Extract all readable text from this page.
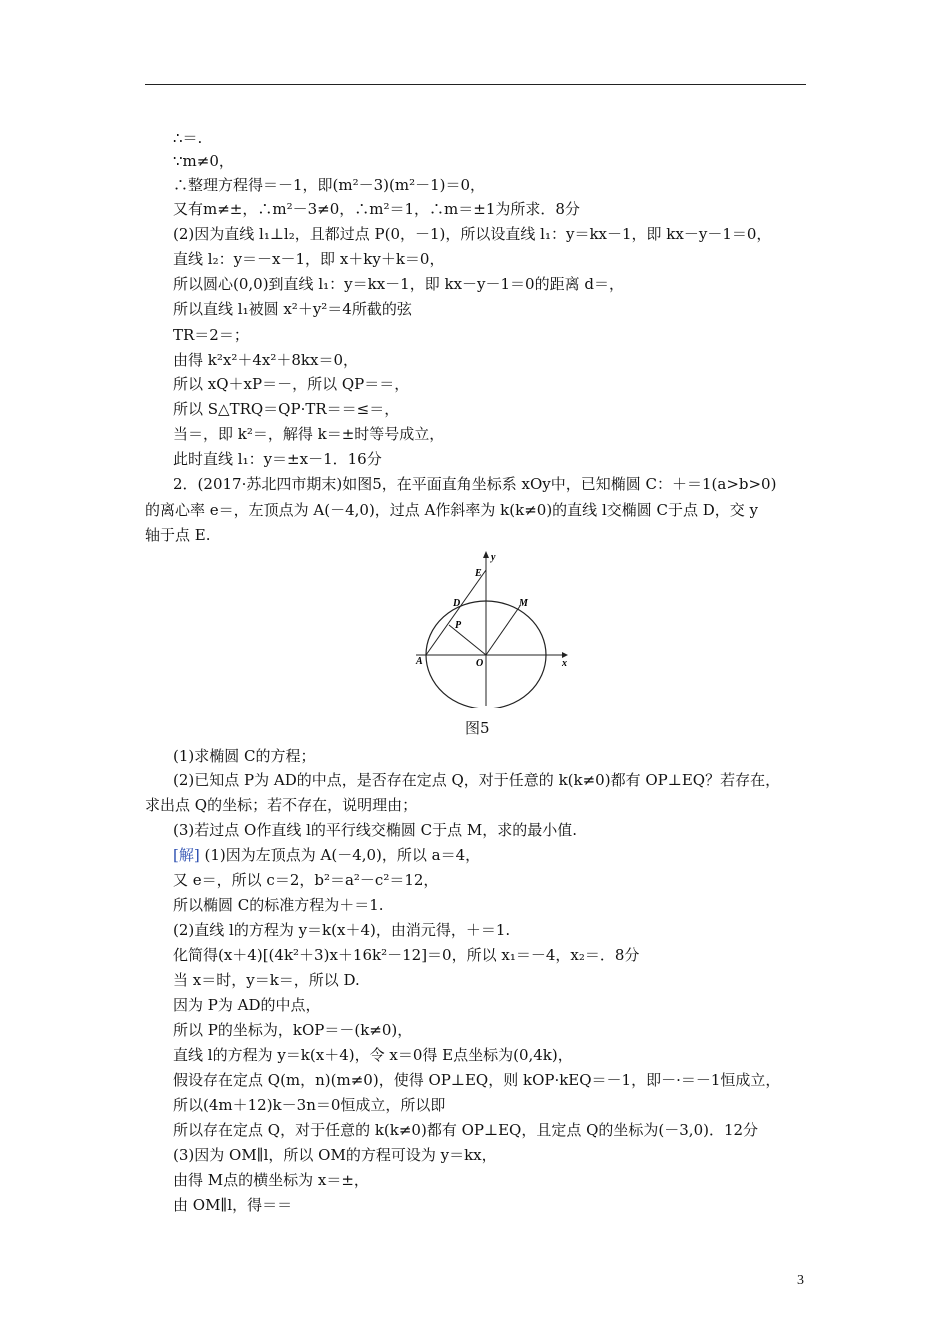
∴＝.
∵m≠0，
∴整理方程得＝－1，即(m²－3)(m²－1)＝0，
又有m≠±，∴m²－3≠0，∴m²＝1，∴m＝±1为所求．8分
(2)因为直线 l₁⊥l₂，且都过点 P(0，－1)，所以设直线 l₁：y＝kx－1，即 kx－y－1＝0，
直线 l₂：y＝－x－1，即 x＋ky＋k＝0，
所以圆心(0,0)到直线 l₁：y＝kx－1，即 kx－y－1＝0的距离 d＝，
所以直线 l₁被圆 x²＋y²＝4所截的弦
TR＝2＝；
由得 k²x²＋4x²＋8kx＝0，
所以 xQ＋xP＝－，所以 QP＝＝，
所以 S△TRQ＝QP·TR＝＝≤＝，
当＝，即 k²＝，解得 k＝±时等号成立，
此时直线 l₁：y＝±x－1．16分
2．(2017·苏北四市期末)如图5，在平面直角坐标系 xOy中，已知椭圆 C：＋＝1(a>b>0)
的离心率 e＝，左顶点为 A(－4,0)，过点 A作斜率为 k(k≠0)的直线 l交椭圆 C于点 D，交 y
轴于点 E.
y
x
E
D	M
P
A	O
图5
(1)求椭圆 C的方程；
(2)已知点 P为 AD的中点，是否存在定点 Q，对于任意的 k(k≠0)都有 OP⊥EQ？若存在，
求出点 Q的坐标；若不存在，说明理由；
(3)若过点 O作直线 l的平行线交椭圆 C于点 M，求的最小值.
[解] (1)因为左顶点为 A(－4,0)，所以 a＝4，
又 e＝，所以 c＝2，b²＝a²－c²＝12，
所以椭圆 C的标准方程为＋＝1.
(2)直线 l的方程为 y＝k(x＋4)，由消元得，＋＝1.
化简得(x＋4)[(4k²＋3)x＋16k²－12]＝0，所以 x₁＝－4，x₂＝．8分
当 x＝时，y＝k＝，所以 D.
因为 P为 AD的中点，
所以 P的坐标为，kOP＝－(k≠0)，
直线 l的方程为 y＝k(x＋4)，令 x＝0得 E点坐标为(0,4k)，
假设存在定点 Q(m，n)(m≠0)，使得 OP⊥EQ，则 kOP·kEQ＝－1，即－·＝－1恒成立，
所以(4m＋12)k－3n＝0恒成立，所以即
所以存在定点 Q，对于任意的 k(k≠0)都有 OP⊥EQ，且定点 Q的坐标为(－3,0)．12分
(3)因为 OM∥l，所以 OM的方程可设为 y＝kx，
由得 M点的横坐标为 x＝±，
由 OM∥l，得＝＝
3
